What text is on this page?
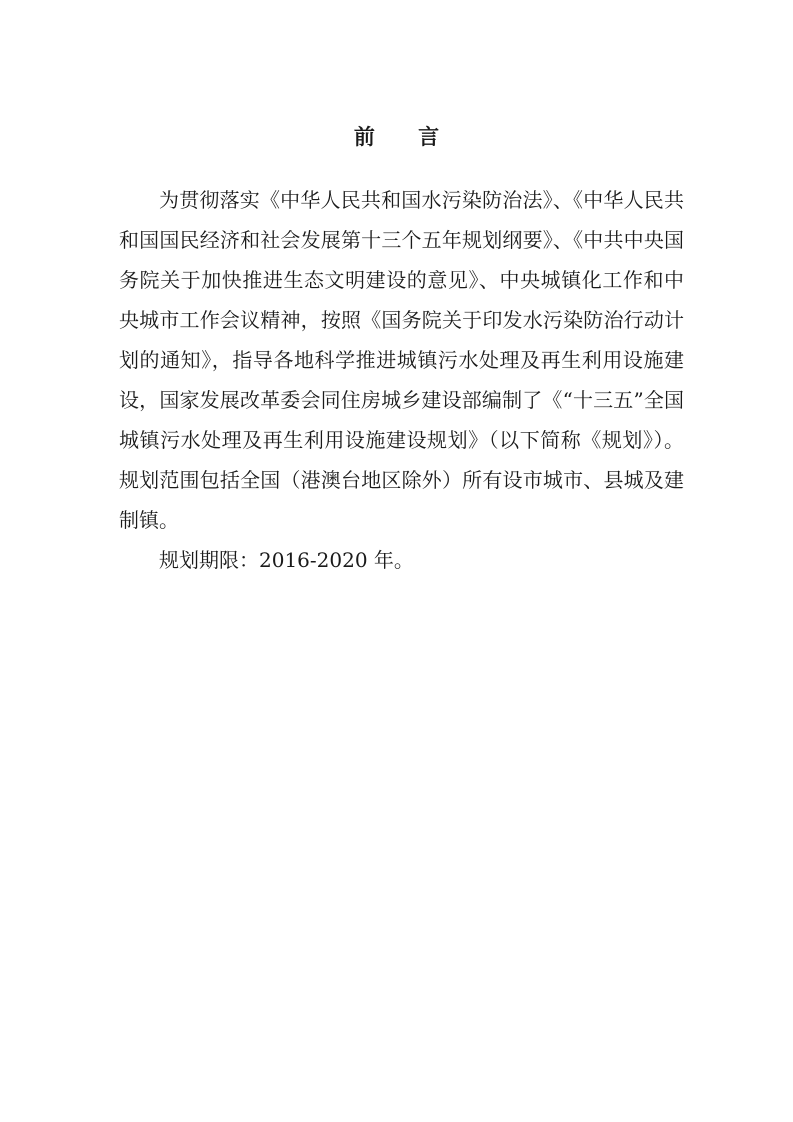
前 言

为贯彻落实《中华人民共和国水污染防治法》、《中华人民共和国国民经济和社会发展第十三个五年规划纲要》、《中共中央国务院关于加快推进生态文明建设的意见》、中央城镇化工作和中央城市工作会议精神，按照《国务院关于印发水污染防治行动计划的通知》，指导各地科学推进城镇污水处理及再生利用设施建设，国家发展改革委会同住房城乡建设部编制了《“十三五”全国城镇污水处理及再生利用设施建设规划》（以下简称《规划》）。规划范围包括全国（港澳台地区除外）所有设市城市、县城及建制镇。

规划期限：2016-2020 年。
